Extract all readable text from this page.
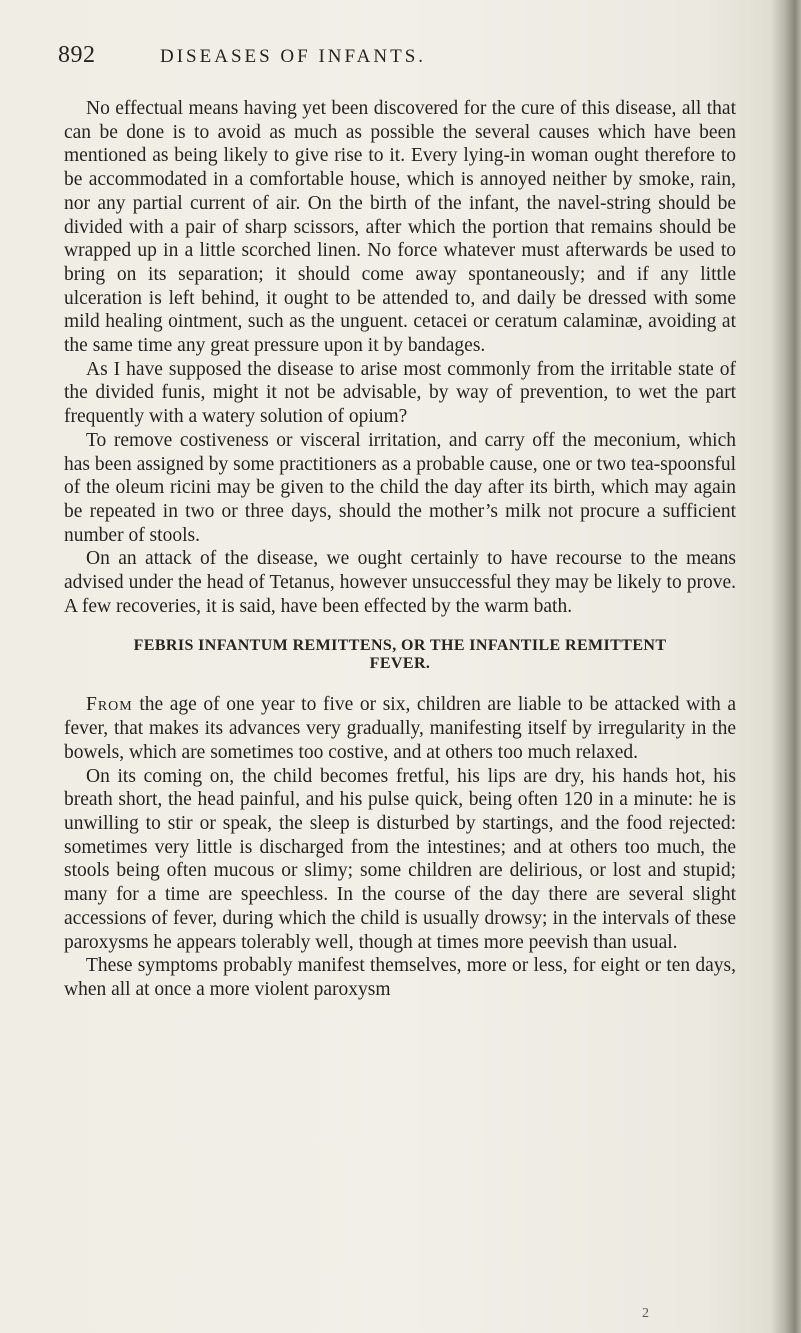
892	DISEASES OF INFANTS.

No effectual means having yet been discovered for the cure of this disease, all that can be done is to avoid as much as possible the several causes which have been mentioned as being likely to give rise to it. Every lying-in woman ought therefore to be accommodated in a comfortable house, which is annoyed neither by smoke, rain, nor any partial current of air. On the birth of the infant, the navel-string should be divided with a pair of sharp scissors, after which the portion that remains should be wrapped up in a little scorched linen. No force whatever must afterwards be used to bring on its separation; it should come away spontaneously; and if any little ulceration is left behind, it ought to be attended to, and daily be dressed with some mild healing ointment, such as the unguent. cetacei or ceratum calaminæ, avoiding at the same time any great pressure upon it by bandages.

As I have supposed the disease to arise most commonly from the irritable state of the divided funis, might it not be advisable, by way of prevention, to wet the part frequently with a watery solution of opium?

To remove costiveness or visceral irritation, and carry off the meconium, which has been assigned by some practitioners as a probable cause, one or two tea-spoonsful of the oleum ricini may be given to the child the day after its birth, which may again be repeated in two or three days, should the mother’s milk not procure a sufficient number of stools.

On an attack of the disease, we ought certainly to have recourse to the means advised under the head of Tetanus, however unsuccessful they may be likely to prove. A few recoveries, it is said, have been effected by the warm bath.

FEBRIS INFANTUM REMITTENS, OR THE INFANTILE REMITTENT
FEVER.

From the age of one year to five or six, children are liable to be attacked with a fever, that makes its advances very gradually, manifesting itself by irregularity in the bowels, which are sometimes too costive, and at others too much relaxed.

On its coming on, the child becomes fretful, his lips are dry, his hands hot, his breath short, the head painful, and his pulse quick, being often 120 in a minute: he is unwilling to stir or speak, the sleep is disturbed by startings, and the food rejected: sometimes very little is discharged from the intestines; and at others too much, the stools being often mucous or slimy; some children are delirious, or lost and stupid; many for a time are speechless. In the course of the day there are several slight accessions of fever, during which the child is usually drowsy; in the intervals of these paroxysms he appears tolerably well, though at times more peevish than usual.

These symptoms probably manifest themselves, more or less, for eight or ten days, when all at once a more violent paroxysm

2
